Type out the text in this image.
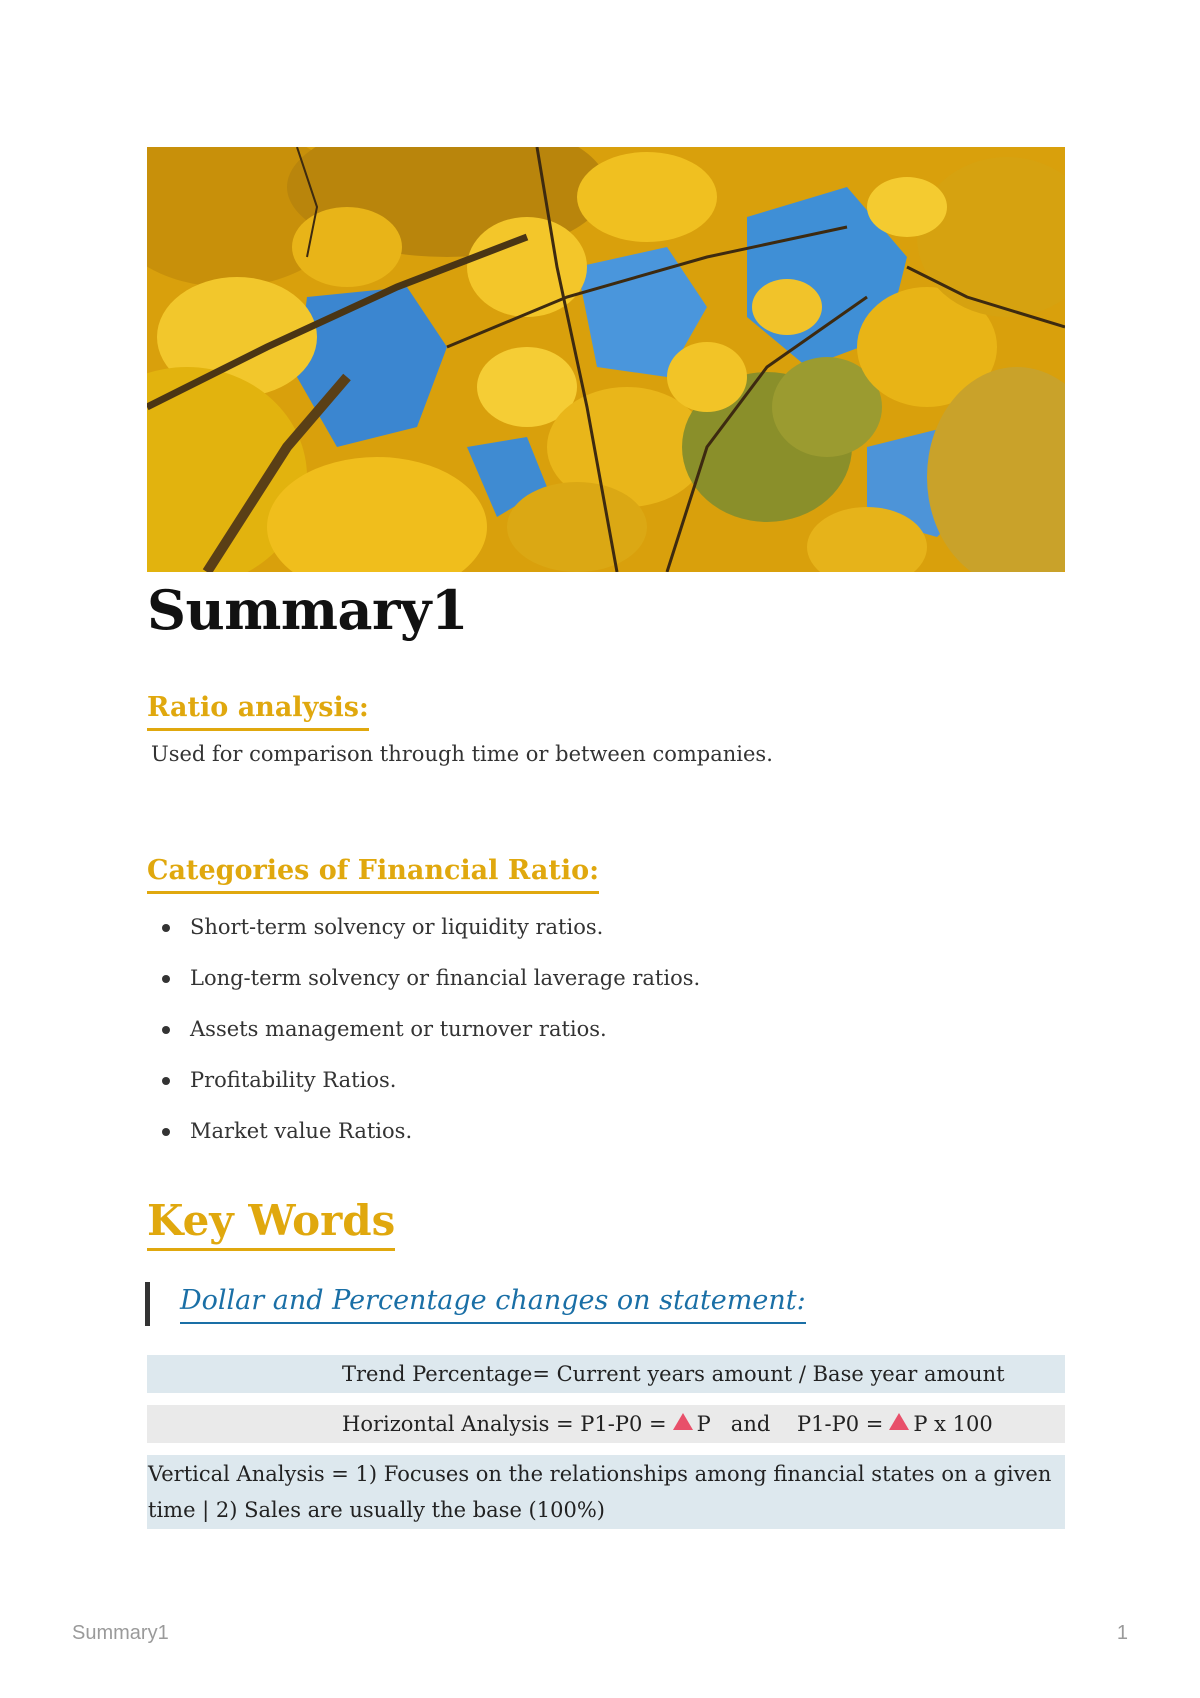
Summary1
Ratio analysis:

Used for comparison through time or between companies.

Categories of Financial Ratio:
Short-term solvency or liquidity ratios.
Long-term solvency or financial laverage ratios.
Assets management or turnover ratios.
Profitability Ratios.
Market value Ratios.
Key Words

Dollar and Percentage changes on statement:

Trend Percentage= Current years amount / Base year amount
Horizontal Analysis = P1-P0 = P   and    P1-P0 = P x 100
Vertical Analysis = 1) Focuses on the relationships among financial states on a given time | 2) Sales are usually the base (100%)
Summary1	1
